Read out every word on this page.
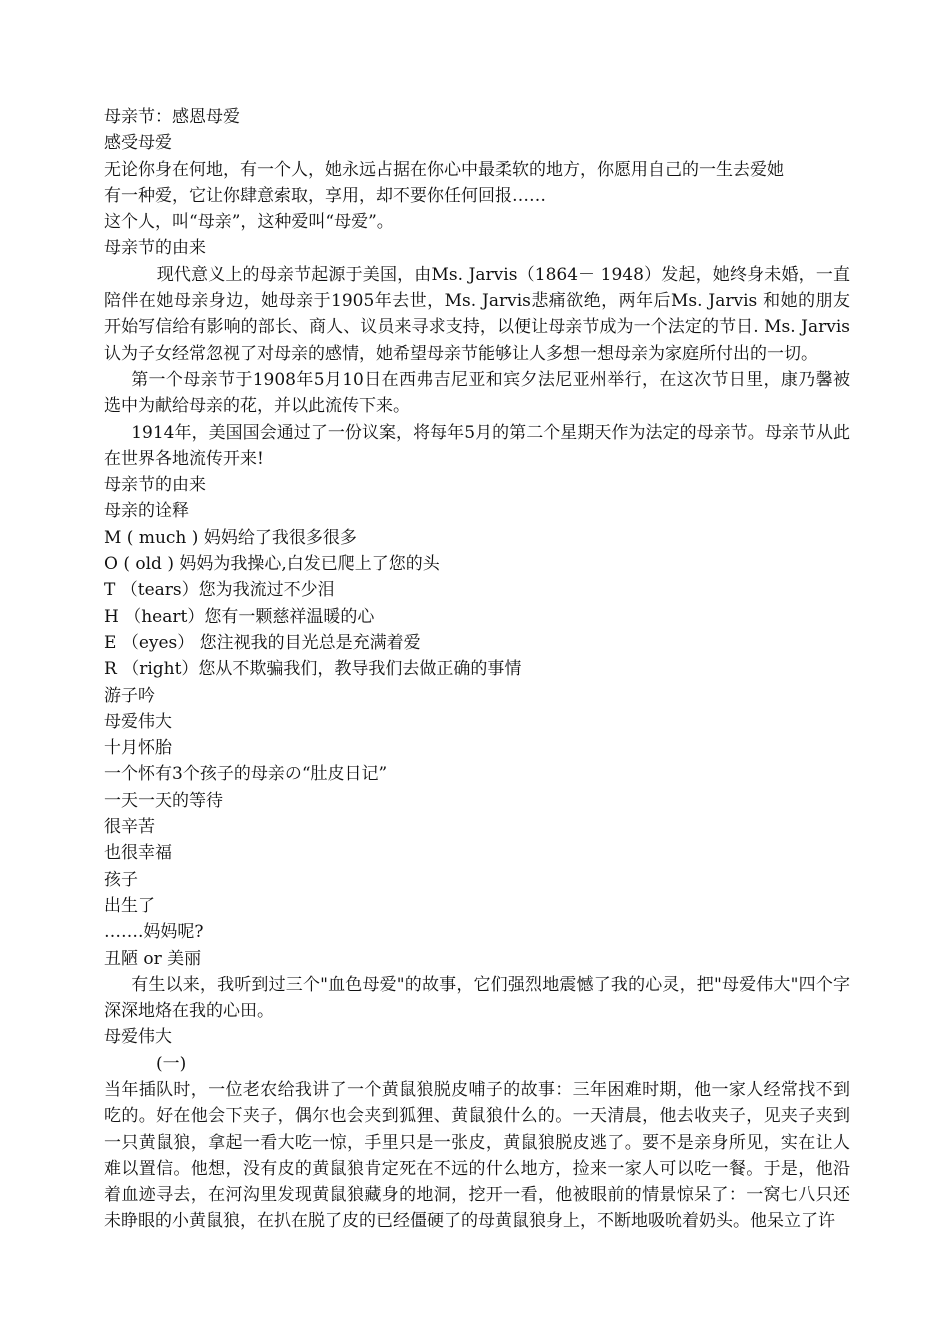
母亲节：感恩母爱
感受母爱
无论你身在何地，有一个人，她永远占据在你心中最柔软的地方，你愿用自己的一生去爱她
有一种爱，它让你肆意索取，享用，却不要你任何回报……
这个人，叫“母亲”，这种爱叫“母爱”。
母亲节的由来
现代意义上的母亲节起源于美国，由Ms. Jarvis（1864－ 1948）发起，她终身未婚，一直陪伴在她母亲身边，她母亲于1905年去世，Ms. Jarvis悲痛欲绝，两年后Ms. Jarvis 和她的朋友开始写信给有影响的部长、商人、议员来寻求支持，以便让母亲节成为一个法定的节日. Ms. Jarvis认为子女经常忽视了对母亲的感情，她希望母亲节能够让人多想一想母亲为家庭所付出的一切。
第一个母亲节于1908年5月10日在西弗吉尼亚和宾夕法尼亚州举行，在这次节日里，康乃馨被选中为献给母亲的花，并以此流传下来。
1914年，美国国会通过了一份议案，将每年5月的第二个星期天作为法定的母亲节。母亲节从此在世界各地流传开来!
母亲节的由来
母亲的诠释
M ( much ) 妈妈给了我很多很多
O ( old ) 妈妈为我操心,白发已爬上了您的头
T （tears）您为我流过不少泪
H （heart）您有一颗慈祥温暖的心
E （eyes） 您注视我的目光总是充满着爱
R （right）您从不欺骗我们，教导我们去做正确的事情
游子吟
母爱伟大
十月怀胎
一个怀有3个孩子的母亲の“肚皮日记”
一天一天的等待
很辛苦
也很幸福
孩子
出生了
…….妈妈呢?
丑陋 or 美丽
有生以来，我听到过三个"血色母爱"的故事，它们强烈地震憾了我的心灵，把"母爱伟大"四个字深深地烙在我的心田。
母爱伟大
(一)
当年插队时，一位老农给我讲了一个黄鼠狼脱皮哺子的故事：三年困难时期，他一家人经常找不到吃的。好在他会下夹子，偶尔也会夹到狐狸、黄鼠狼什么的。一天清晨，他去收夹子，见夹子夹到一只黄鼠狼，拿起一看大吃一惊，手里只是一张皮，黄鼠狼脱皮逃了。要不是亲身所见，实在让人难以置信。他想，没有皮的黄鼠狼肯定死在不远的什么地方，捡来一家人可以吃一餐。于是，他沿着血迹寻去，在河沟里发现黄鼠狼藏身的地洞，挖开一看，他被眼前的情景惊呆了：一窝七八只还未睁眼的小黄鼠狼，在扒在脱了皮的已经僵硬了的母黄鼠狼身上，不断地吸吮着奶头。他呆立了许
